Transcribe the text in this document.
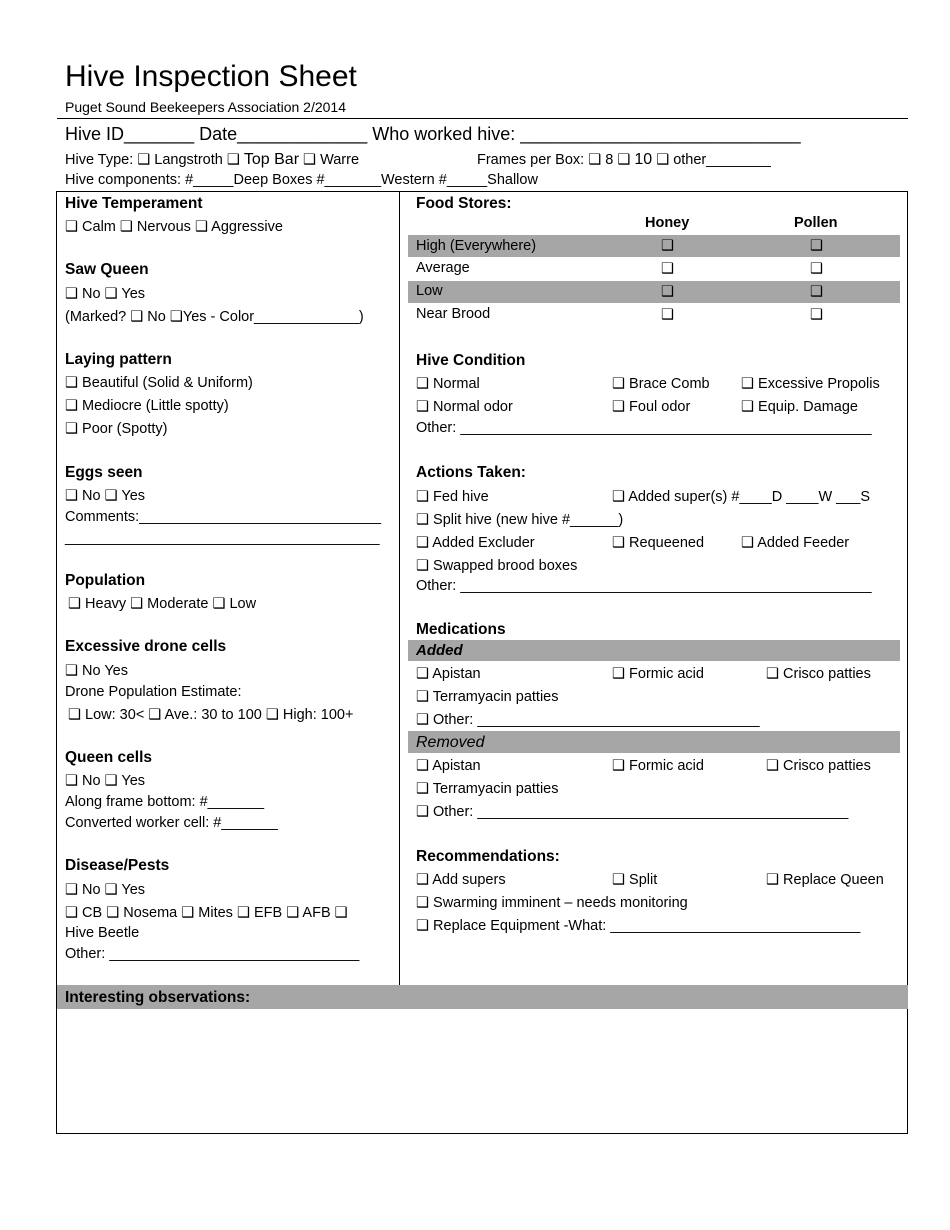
Hive Inspection Sheet
Puget Sound Beekeepers Association 2/2014
Hive ID_______ Date_____________ Who worked hive: ____________________________
Hive Type: ❑ Langstroth ❑ Top Bar ❑ Warre	Frames per Box: ❑ 8 ❑ 10 ❑ other________
Hive components: #_____Deep Boxes #_______Western #_____Shallow
Hive Temperament
❑ Calm ❑ Nervous ❑ Aggressive
Saw Queen
❑ No ❑ Yes
(Marked? ❑ No ❑Yes - Color_____________)
Laying pattern
❑ Beautiful (Solid & Uniform)
❑ Mediocre (Little spotty)
❑ Poor (Spotty)
Eggs seen
❑ No ❑ Yes
Comments:______________________________
_______________________________________
Population
❑ Heavy ❑ Moderate ❑ Low
Excessive drone cells
❑ No Yes
Drone Population Estimate:
❑ Low: 30< ❑ Ave.: 30 to 100 ❑ High: 100+
Queen cells
❑ No ❑ Yes
Along frame bottom: #_______
Converted worker cell: #_______
Disease/Pests
❑ No ❑ Yes
❑ CB ❑ Nosema ❑ Mites ❑ EFB ❑ AFB ❑
Hive Beetle
Other: _______________________________
Food Stores:
Honey	Pollen
High (Everywhere)	❑	❑
Average	❑	❑
Low	❑	❑
Near Brood	❑	❑
Hive Condition
❑ Normal	❑ Brace Comb ❑ Excessive Propolis
❑ Normal odor	❑ Foul odor	❑ Equip. Damage
Other: ___________________________________________________
Actions Taken:
❑ Fed hive	❑ Added super(s) #____D ____W ___S
❑ Split hive (new hive #______)
❑ Added Excluder	❑ Requeened	❑ Added Feeder
❑ Swapped brood boxes
Other: ___________________________________________________
Medications
Added
❑ Apistan	❑ Formic acid	❑ Crisco patties
❑ Terramyacin patties
❑ Other: ___________________________________
Removed
❑ Apistan	❑ Formic acid	❑ Crisco patties
❑ Terramyacin patties
❑ Other: ______________________________________________
Recommendations:
❑ Add supers	❑ Split	❑ Replace Queen
❑ Swarming imminent – needs monitoring
❑ Replace Equipment -What: _______________________________
Interesting observations:
